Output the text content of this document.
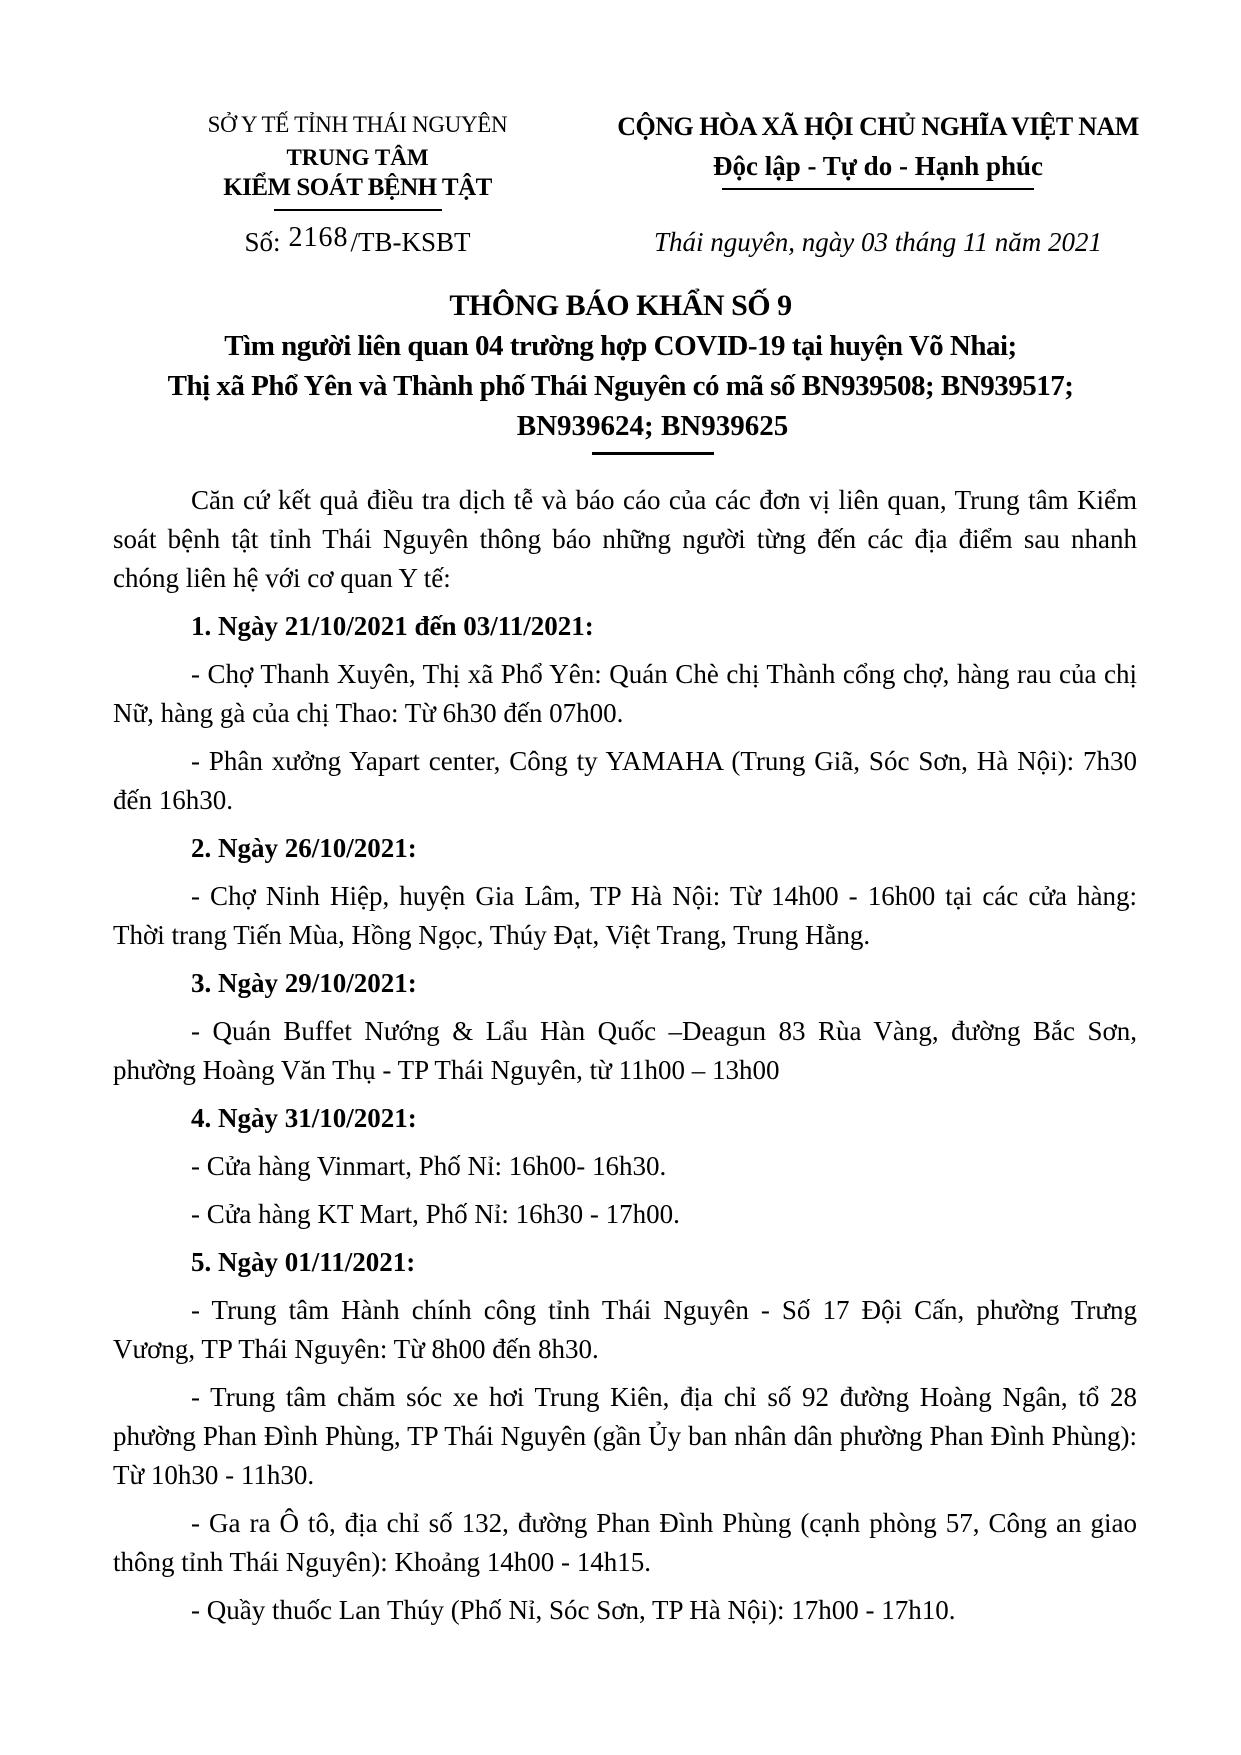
SỞ Y TẾ TỈNH THÁI NGUYÊN
TRUNG TÂM
KIỂM SOÁT BỆNH TẬT
CỘNG HÒA XÃ HỘI CHỦ NGHĨA VIỆT NAM
Độc lập - Tự do - Hạnh phúc
Số: 2168/TB-KSBT	Thái nguyên, ngày 03 tháng 11 năm 2021
THÔNG BÁO KHẨN SỐ 9
Tìm người liên quan 04 trường hợp COVID-19 tại huyện Võ Nhai;
Thị xã Phổ Yên và Thành phố Thái Nguyên có mã số BN939508; BN939517;
BN939624; BN939625

Căn cứ kết quả điều tra dịch tễ và báo cáo của các đơn vị liên quan, Trung tâm Kiểm soát bệnh tật tỉnh Thái Nguyên thông báo những người từng đến các địa điểm sau nhanh chóng liên hệ với cơ quan Y tế:

1. Ngày 21/10/2021 đến 03/11/2021:

- Chợ Thanh Xuyên, Thị xã Phổ Yên: Quán Chè chị Thành cổng chợ, hàng rau của chị Nữ, hàng gà của chị Thao: Từ 6h30 đến 07h00.

- Phân xưởng Yapart center, Công ty YAMAHA (Trung Giã, Sóc Sơn, Hà Nội): 7h30 đến 16h30.

2. Ngày 26/10/2021:

- Chợ Ninh Hiệp, huyện Gia Lâm, TP Hà Nội: Từ 14h00 - 16h00 tại các cửa hàng: Thời trang Tiến Mùa, Hồng Ngọc, Thúy Đạt, Việt Trang, Trung Hằng.

3. Ngày 29/10/2021:

- Quán Buffet Nướng & Lẩu Hàn Quốc –Deagun 83 Rùa Vàng, đường Bắc Sơn, phường Hoàng Văn Thụ - TP Thái Nguyên, từ 11h00 – 13h00

4. Ngày 31/10/2021:

- Cửa hàng Vinmart, Phố Nỉ: 16h00- 16h30.

- Cửa hàng KT Mart, Phố Nỉ: 16h30 - 17h00.

5. Ngày 01/11/2021:

- Trung tâm Hành chính công tỉnh Thái Nguyên - Số 17 Đội Cấn, phường Trưng Vương, TP Thái Nguyên: Từ 8h00 đến 8h30.

- Trung tâm chăm sóc xe hơi Trung Kiên, địa chỉ số 92 đường Hoàng Ngân, tổ 28 phường Phan Đình Phùng, TP Thái Nguyên (gần Ủy ban nhân dân phường Phan Đình Phùng): Từ 10h30 - 11h30.

- Ga ra Ô tô, địa chỉ số 132, đường Phan Đình Phùng (cạnh phòng 57, Công an giao thông tỉnh Thái Nguyên): Khoảng 14h00 - 14h15.

- Quầy thuốc Lan Thúy (Phố Nỉ, Sóc Sơn, TP Hà Nội): 17h00 - 17h10.
